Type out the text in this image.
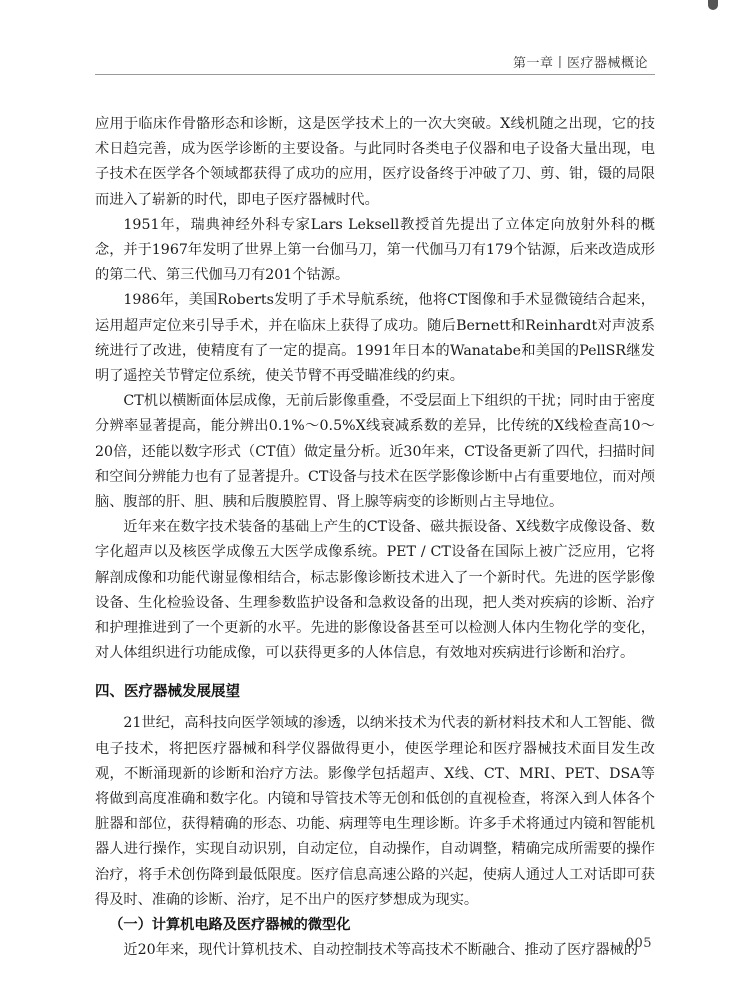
第一章丨医疗器械概论

应用于临床作骨骼形态和诊断，这是医学技术上的一次大突破。X线机随之出现，它的技术日趋完善，成为医学诊断的主要设备。与此同时各类电子仪器和电子设备大量出现，电子技术在医学各个领域都获得了成功的应用，医疗设备终于冲破了刀、剪、钳，镊的局限而进入了崭新的时代，即电子医疗器械时代。

1951年，瑞典神经外科专家Lars Leksell教授首先提出了立体定向放射外科的概念，并于1967年发明了世界上第一台伽马刀，第一代伽马刀有179个钴源，后来改造成形的第二代、第三代伽马刀有201个钴源。

1986年，美国Roberts发明了手术导航系统，他将CT图像和手术显微镜结合起来，运用超声定位来引导手术，并在临床上获得了成功。随后Bernett和Reinhardt对声波系统进行了改进，使精度有了一定的提高。1991年日本的Wanatabe和美国的PellSR继发明了遥控关节臂定位系统，使关节臂不再受瞄准线的约束。

CT机以横断面体层成像，无前后影像重叠，不受层面上下组织的干扰；同时由于密度分辨率显著提高，能分辨出0.1%～0.5%X线衰减系数的差异，比传统的X线检查高10～20倍，还能以数字形式（CT值）做定量分析。近30年来，CT设备更新了四代，扫描时间和空间分辨能力也有了显著提升。CT设备与技术在医学影像诊断中占有重要地位，而对颅脑、腹部的肝、胆、胰和后腹膜腔胃、肾上腺等病变的诊断则占主导地位。

近年来在数字技术装备的基础上产生的CT设备、磁共振设备、X线数字成像设备、数字化超声以及核医学成像五大医学成像系统。PET / CT设备在国际上被广泛应用，它将解剖成像和功能代谢显像相结合，标志影像诊断技术进入了一个新时代。先进的医学影像设备、生化检验设备、生理参数监护设备和急救设备的出现，把人类对疾病的诊断、治疗和护理推进到了一个更新的水平。先进的影像设备甚至可以检测人体内生物化学的变化，对人体组织进行功能成像，可以获得更多的人体信息，有效地对疾病进行诊断和治疗。

四、医疗器械发展展望

21世纪，高科技向医学领域的渗透，以纳米技术为代表的新材料技术和人工智能、微电子技术，将把医疗器械和科学仪器做得更小，使医学理论和医疗器械技术面目发生改观，不断涌现新的诊断和治疗方法。影像学包括超声、X线、CT、MRI、PET、DSA等将做到高度准确和数字化。内镜和导管技术等无创和低创的直视检查，将深入到人体各个脏器和部位，获得精确的形态、功能、病理等电生理诊断。许多手术将通过内镜和智能机器人进行操作，实现自动识别，自动定位，自动操作，自动调整，精确完成所需要的操作治疗，将手术创伤降到最低限度。医疗信息高速公路的兴起，使病人通过人工对话即可获得及时、准确的诊断、治疗，足不出户的医疗梦想成为现实。

（一）计算机电路及医疗器械的微型化

近20年来，现代计算机技术、自动控制技术等高技术不断融合、推动了医疗器械的

005
